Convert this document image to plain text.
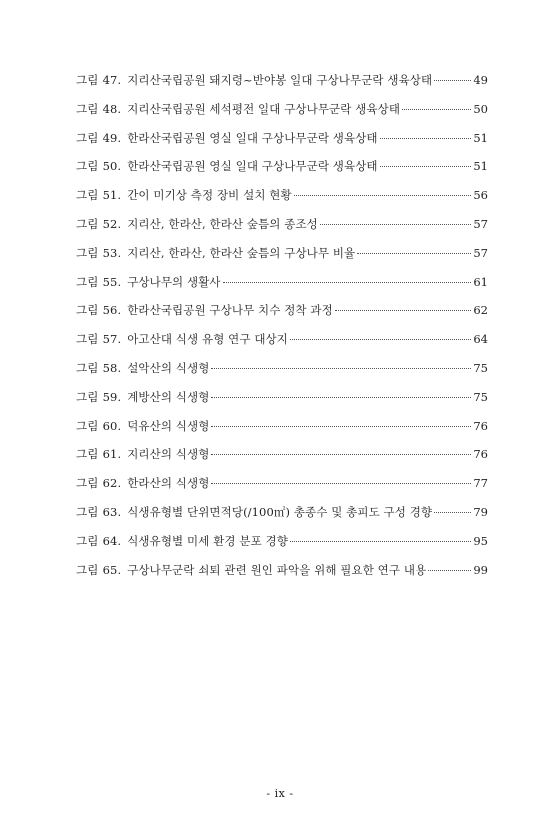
그림 47. 지리산국립공원 돼지령~반야봉 일대 구상나무군락 생육상태	49
그림 48. 지리산국립공원 세석평전 일대 구상나무군락 생육상태	50
그림 49. 한라산국립공원 영실 일대 구상나무군락 생육상태	51
그림 50. 한라산국립공원 영실 일대 구상나무군락 생육상태	51
그림 51. 간이 미기상 측정 장비 설치 현황	56
그림 52. 지리산, 한라산, 한라산 숲틈의 종조성	57
그림 53. 지리산, 한라산, 한라산 숲틈의 구상나무 비율	57
그림 55. 구상나무의 생활사	61
그림 56. 한라산국립공원 구상나무 치수 정착 과정	62
그림 57. 아고산대 식생 유형 연구 대상지	64
그림 58. 설악산의 식생형	75
그림 59. 계방산의 식생형	75
그림 60. 덕유산의 식생형	76
그림 61. 지리산의 식생형	76
그림 62. 한라산의 식생형	77
그림 63. 식생유형별 단위면적당(/100㎡) 총종수 및 총피도 구성 경향	79
그림 64. 식생유형별 미세 환경 분포 경향	95
그림 65. 구상나무군락 쇠퇴 관련 원인 파악을 위해 필요한 연구 내용	99
- ix -
